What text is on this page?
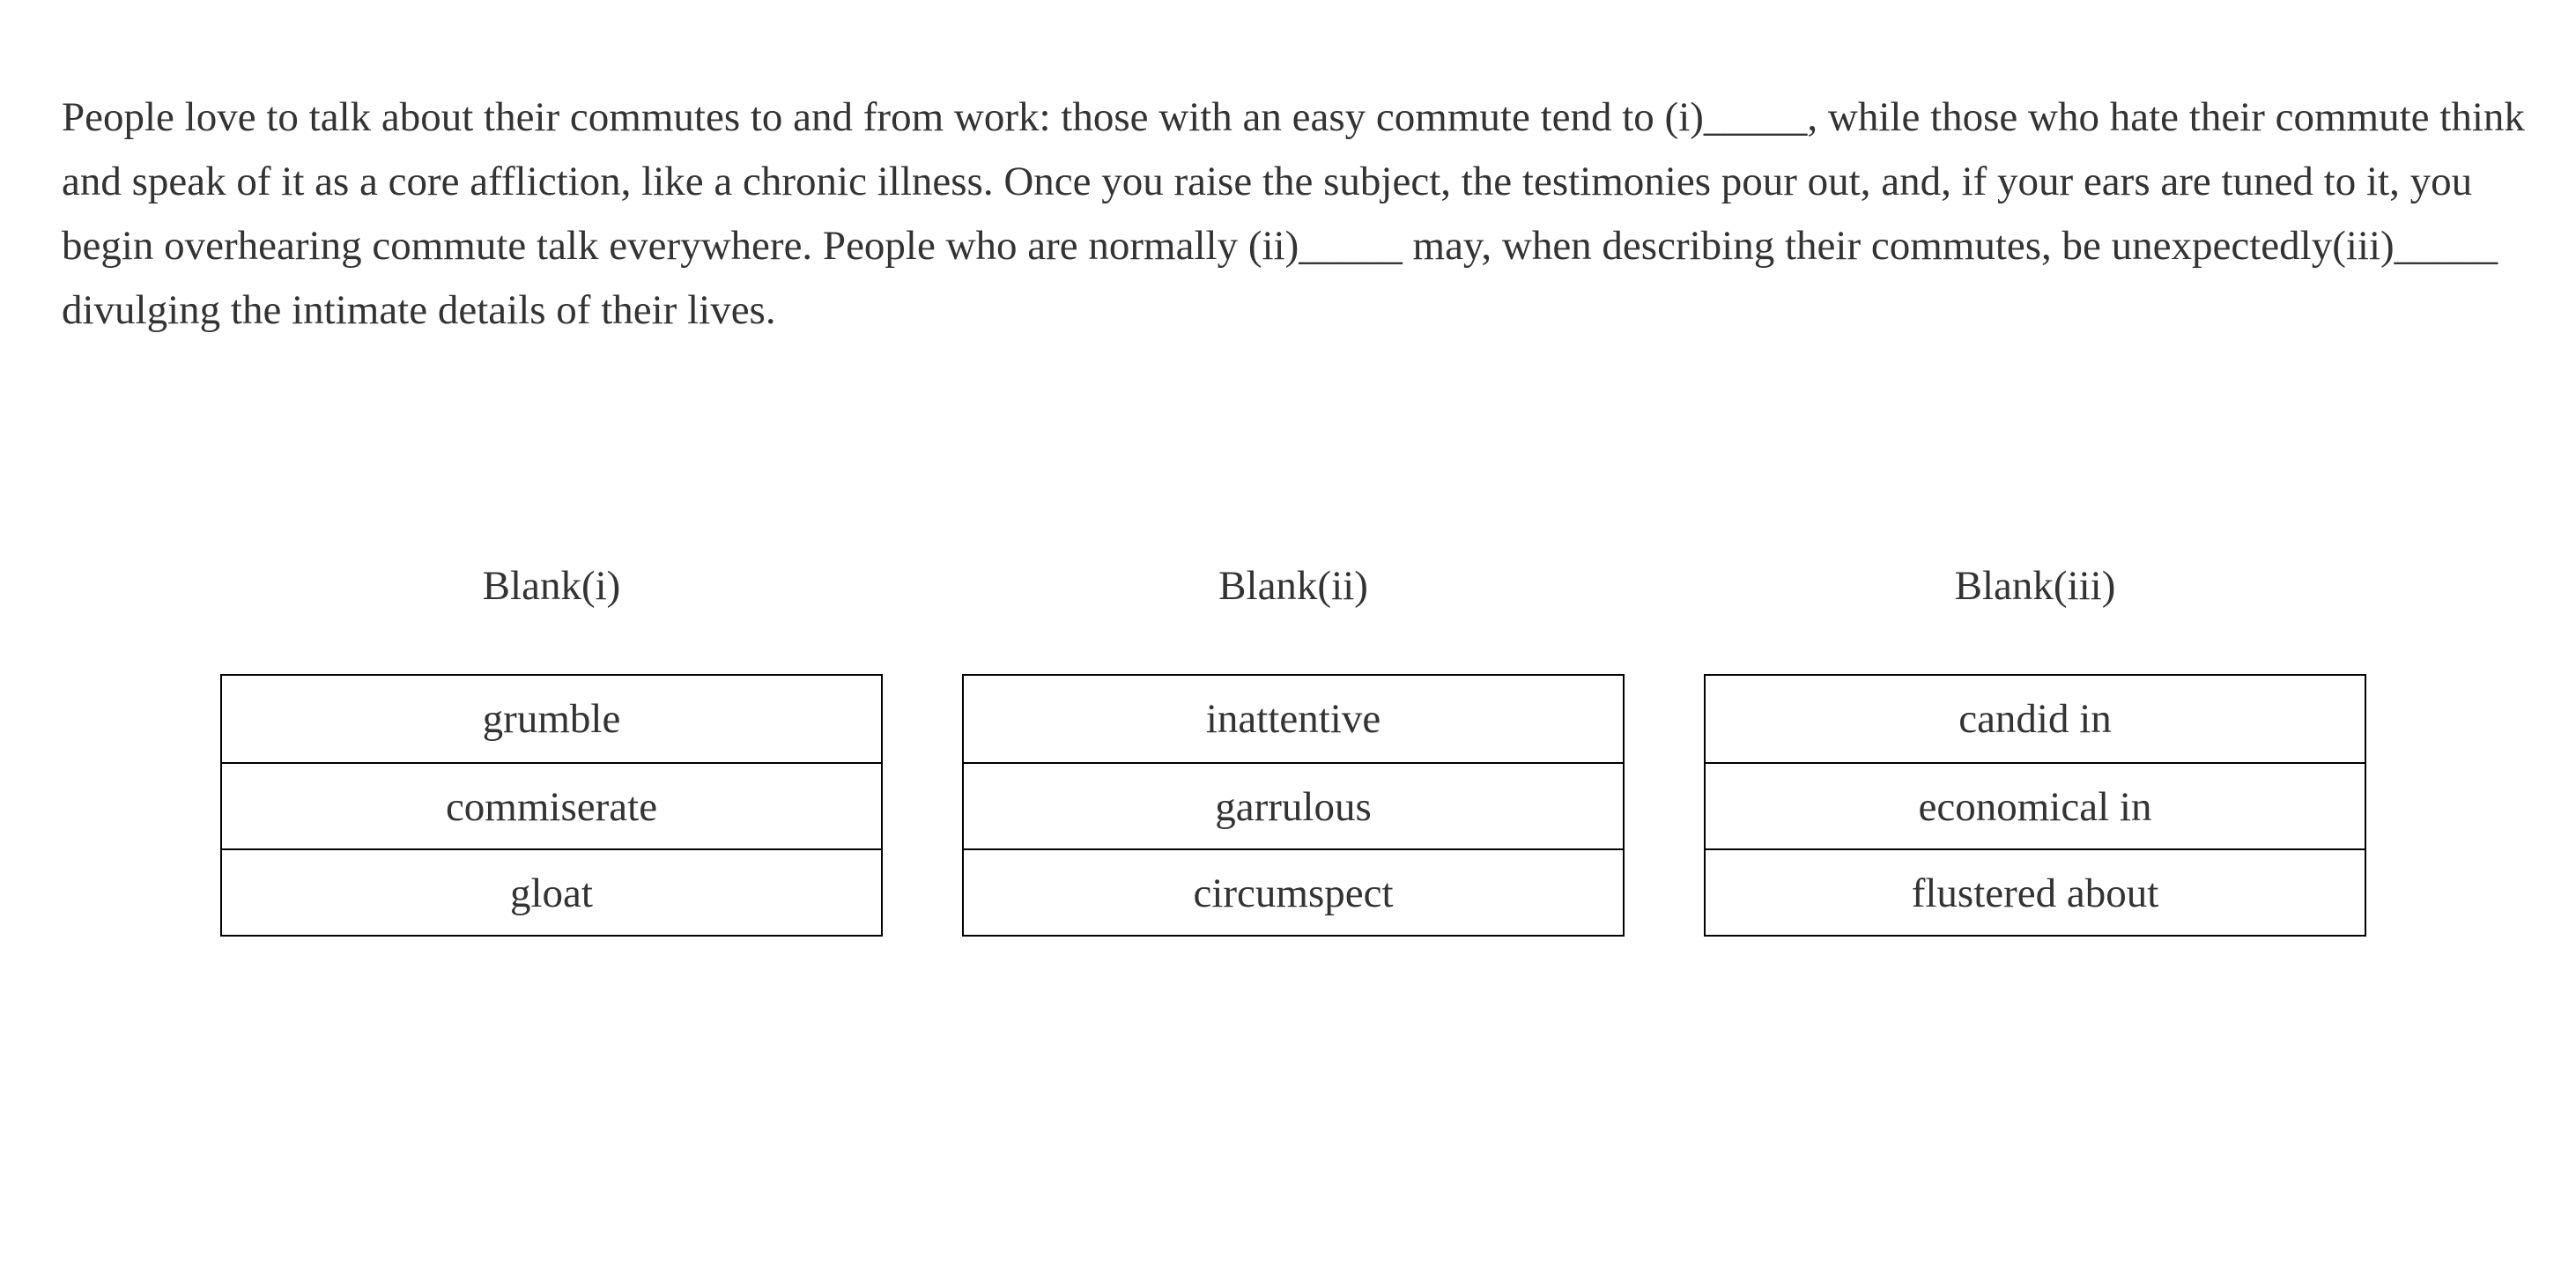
People love to talk about their commutes to and from work: those with an easy commute tend to (i)_____, while those who hate their commute think and speak of it as a core affliction, like a chronic illness. Once you raise the subject, the testimonies pour out, and, if your ears are tuned to it, you begin overhearing commute talk everywhere. People who are normally (ii)_____ may, when describing their commutes, be unexpectedly(iii)_____ divulging the intimate details of their lives.

Blank(i)
grumble
commiserate
gloat
Blank(ii)
inattentive
garrulous
circumspect
Blank(iii)
candid in
economical in
flustered about
